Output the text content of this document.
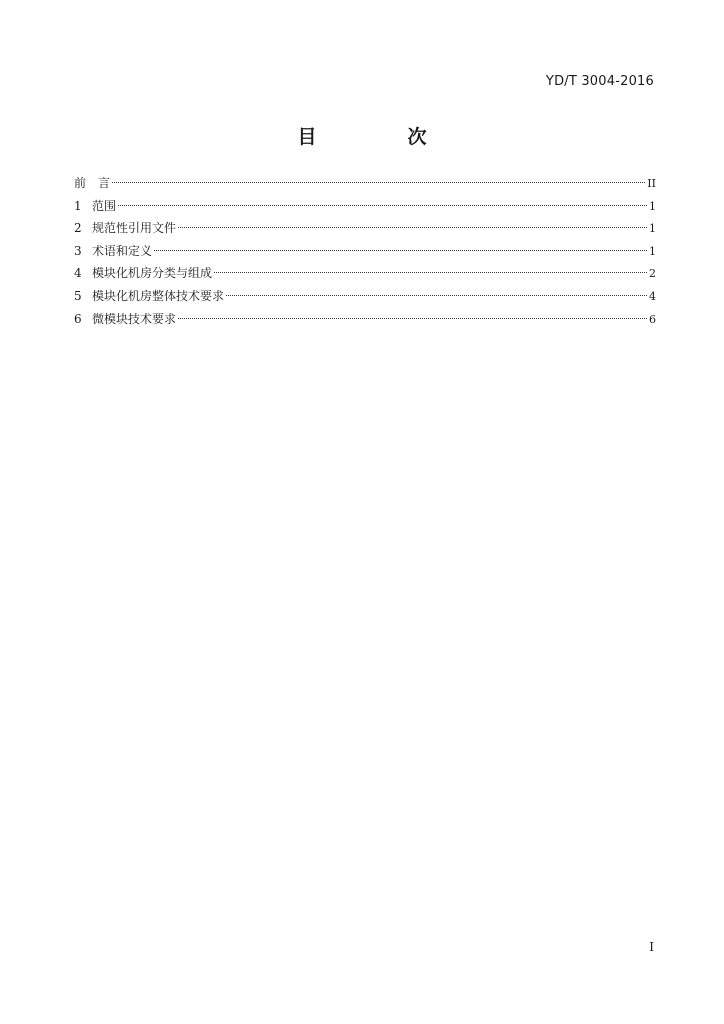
YD/T 3004-2016
目　次
前　言	II
1 范围	1
2 规范性引用文件	1
3 术语和定义	1
4 模块化机房分类与组成	2
5 模块化机房整体技术要求	4
6 微模块技术要求	6
I
